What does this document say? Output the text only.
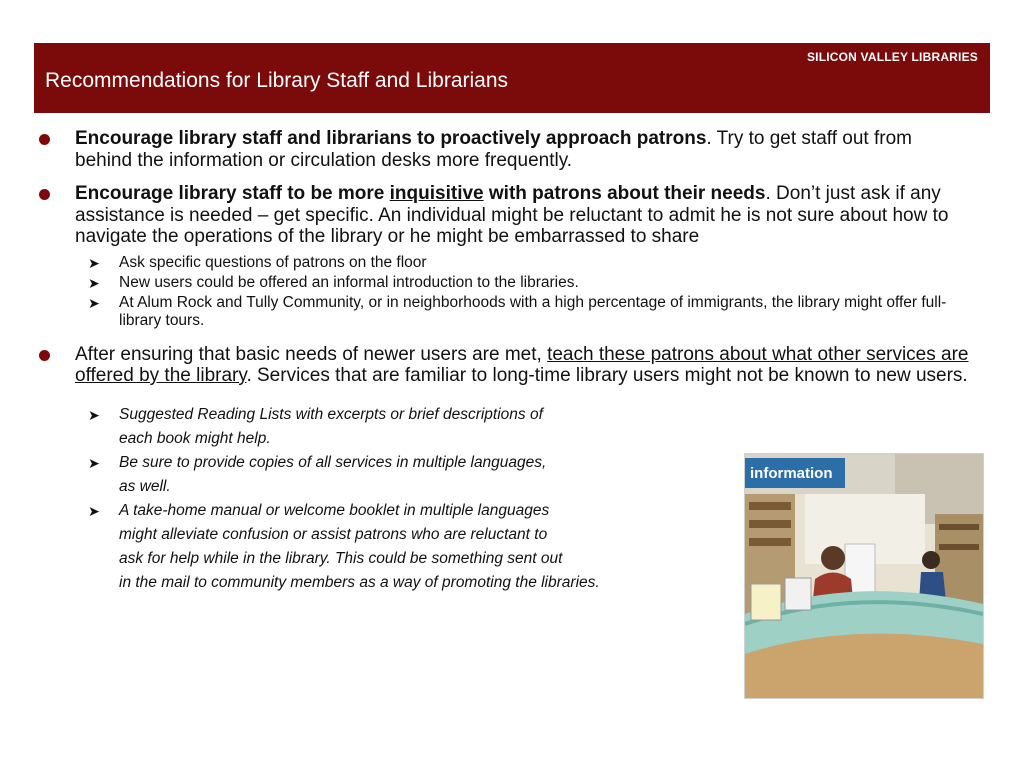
SILICON VALLEY LIBRARIES
Recommendations for Library Staff and Librarians
Encourage library staff and librarians to proactively approach patrons. Try to get staff out from behind the information or circulation desks more frequently.
Encourage library staff to be more inquisitive with patrons about their needs. Don’t just ask if any assistance is needed – get specific. An individual might be reluctant to admit he is not sure about how to navigate the operations of the library or he might be embarrassed to share
➤ Ask specific questions of patrons on the floor
➤ New users could be offered an informal introduction to the libraries.
➤ At Alum Rock and Tully Community, or in neighborhoods with a high percentage of immigrants, the library might offer full-library tours.
After ensuring that basic needs of newer users are met, teach these patrons about what other services are offered by the library. Services that are familiar to long-time library users might not be known to new users.
➤ Suggested Reading Lists with excerpts or brief descriptions of
each book might help.
➤ Be sure to provide copies of all services in multiple languages,
as well.
➤ A take-home manual or welcome booklet in multiple languages
might alleviate confusion or assist patrons who are reluctant to
ask for help while in the library. This could be something sent out
in the mail to community members as a way of promoting the libraries.
information
